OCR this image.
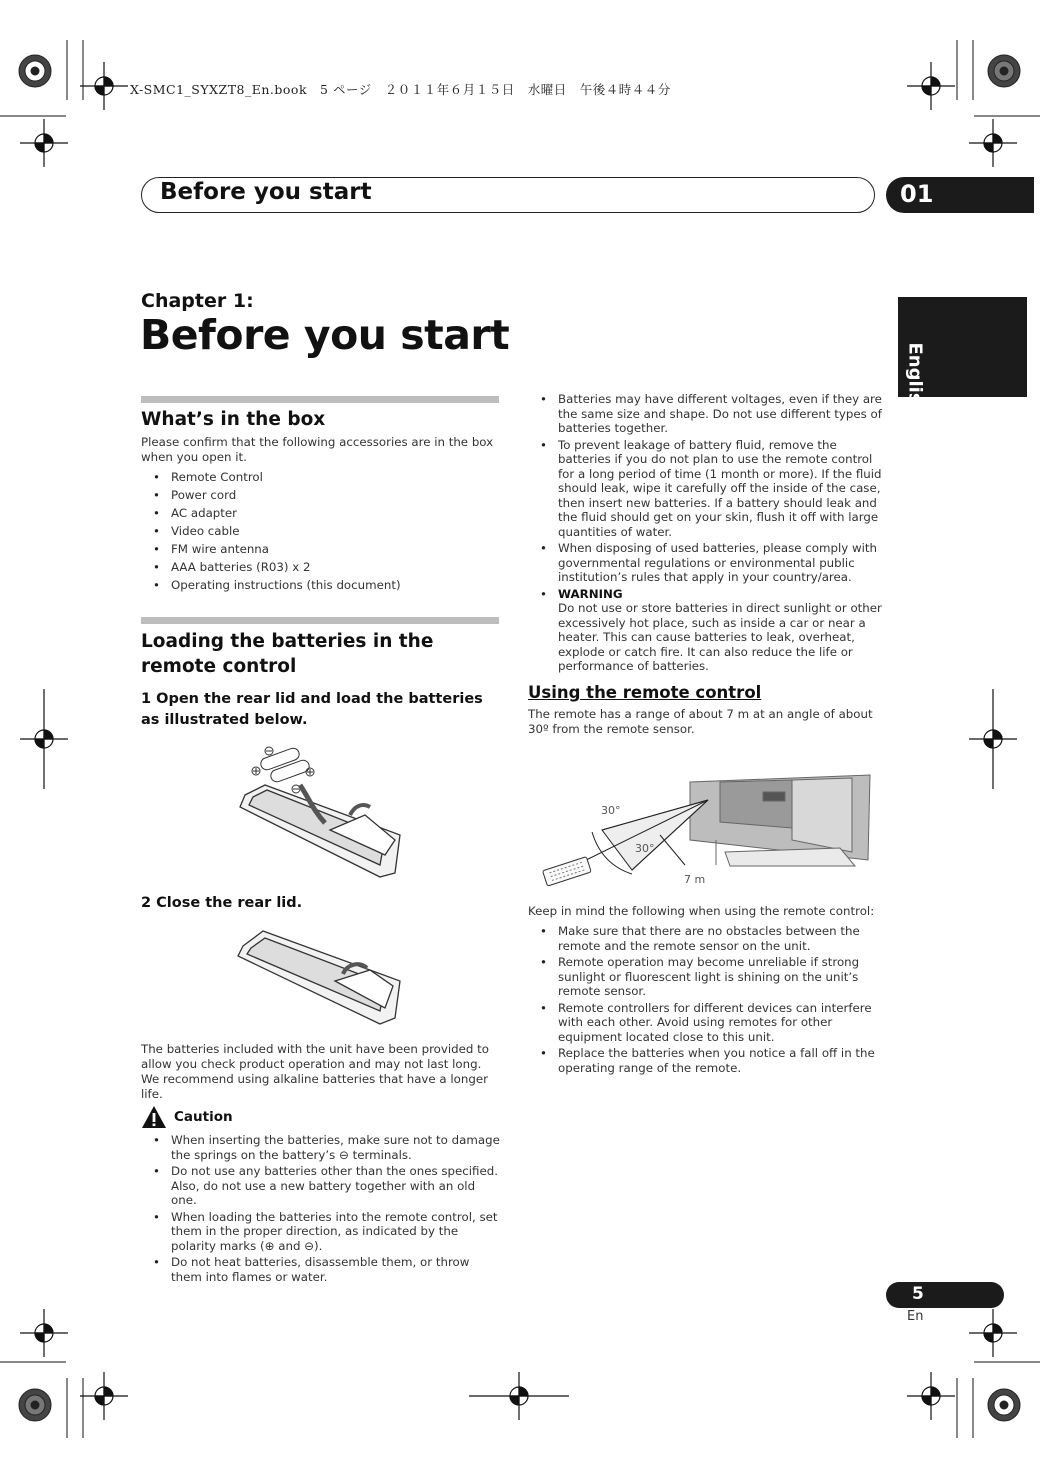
X-SMC1_SYXZT8_En.book　5 ページ　２０１１年６月１５日　水曜日　午後４時４４分
Before you start	01
English
Chapter 1:
Before you start
What’s in the box
Please confirm that the following accessories are in the box when you open it.
• Remote Control
• Power cord
• AC adapter
• Video cable
• FM wire antenna
• AAA batteries (R03) x 2
• Operating instructions (this document)
Loading the batteries in the remote control
1 Open the rear lid and load the batteries as illustrated below.
2 Close the rear lid.
The batteries included with the unit have been provided to allow you check product operation and may not last long. We recommend using alkaline batteries that have a longer life.
Caution
• When inserting the batteries, make sure not to damage the springs on the battery’s ⊖ terminals.
• Do not use any batteries other than the ones specified. Also, do not use a new battery together with an old one.
• When loading the batteries into the remote control, set them in the proper direction, as indicated by the polarity marks (⊕ and ⊖).
• Do not heat batteries, disassemble them, or throw them into flames or water.
• Batteries may have different voltages, even if they are the same size and shape. Do not use different types of batteries together.
• To prevent leakage of battery fluid, remove the batteries if you do not plan to use the remote control for a long period of time (1 month or more). If the fluid should leak, wipe it carefully off the inside of the case, then insert new batteries. If a battery should leak and the fluid should get on your skin, flush it off with large quantities of water.
• When disposing of used batteries, please comply with governmental regulations or environmental public institution’s rules that apply in your country/area.
• WARNING
Do not use or store batteries in direct sunlight or other excessively hot place, such as inside a car or near a heater. This can cause batteries to leak, overheat, explode or catch fire. It can also reduce the life or performance of batteries.
Using the remote control
The remote has a range of about 7 m at an angle of about 30º from the remote sensor.
30°
30°
7 m
Keep in mind the following when using the remote control:
• Make sure that there are no obstacles between the remote and the remote sensor on the unit.
• Remote operation may become unreliable if strong sunlight or fluorescent light is shining on the unit’s remote sensor.
• Remote controllers for different devices can interfere with each other. Avoid using remotes for other equipment located close to this unit.
• Replace the batteries when you notice a fall off in the operating range of the remote.
5
En
